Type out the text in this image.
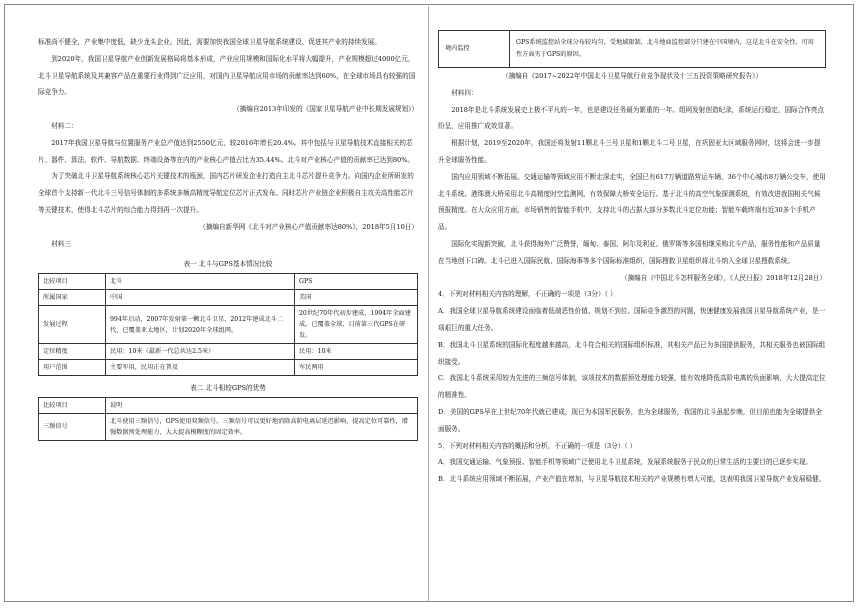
标准尚不健全，产业集中度低，缺少龙头企业。因此，需要加快我国全球卫星导航系统建设，促进其产业的持续发展。

到2020年，我国卫星导航产业创新发展格局将基本形成，产业应用规模和国际化水平将大幅提升，产业规模超过4000亿元，北斗卫星导航系统及其兼容产品在重要行业得到广泛应用，对国内卫星导航应用市场的贡献率达到60%，在全球市场具有较强的国际竞争力。

（摘编自2013年印发的《国家卫星导航产业中长期发展规划》）

材料二：

2017年我国卫星导航与位置服务产业总产值达到2550亿元，较2016年增长20.4%。其中包括与卫星导航技术直接相关的芯片、器件、算法、软件、导航数据、终端设备等在内的产业核心产值占比为35.44%。北斗对产业核心产值的贡献率已达到80%。

为了突破北斗卫星导航系统核心芯片关键技术的瓶颈，国内芯片研发企业打造自主北斗芯片提升竞争力。向国内企业所研发的全球首个支持新一代北斗三号信号体制的多系统多频高精度导航定位芯片正式发布。同时芯片产业链企业积极自主攻关高性能芯片等关键技术，使得北斗芯片的综合能力得到再一次提升。

（摘编自新华网《北斗对产业核心产值贡献率达80%》，2018年5月10日）

材料三

表一 北斗与GPS基本情况比较

比较项目	北斗	GPS
所属国家	中国	美国
发展过程	994年启动，2007年发射第一颗北斗卫星，2012年建成北斗二代，已覆盖亚太地区，计划2020年全球组网。	20世纪70年代初步建成，1994年全面建成。已覆盖全球，目前第三代GPS在研发。
定位精度	民用：10米（最新一代总共达2.5米）	民用：10米
用户范围	主要军用，民用正在普及	军民两用

表二 北斗相较GPS的优势

比较项目	说明
三频信号	北斗使用三频信号，GPS使用双频信号。三频信号可以更好地消除高阶电离层延迟影响，提高定位可靠性，增强数据预处理能力，大大提高模糊度的固定效率。
境内监控	GPS系统监控站全球分布较均匀，受地域限制，北斗地面监控部分只建在中国境内，这是北斗在安全性、可用性方面劣于GPS的原因。

（摘编自《2017~2022年中国北斗卫星导航行业竞争现状及十三五投资策略研究报告》）

材料四：

2018年是北斗系统发展史上极不平凡的一年，也是建设任务最为繁重的一年。组网发射创造纪录，系统运行稳定，国际合作亮点纷呈，应用推广成效显著。

根据计划，2019至2020年，我国还将发射11颗北斗三号卫星和1颗北斗二号卫星，在巩固亚太区域服务网时，这将会进一步提升全球服务性能。

国内应用领域不断拓展。交通运输等领域应用不断走深走实，全国已有617万辆道路营运车辆、36个中心城市8万辆公交车，使用北斗系统。港珠澳大桥采用北斗高精度时空监测网，有效保障大桥安全运行。基于北斗的高空气象探测系统，有效改进我国相关气候预报精度。在大众应用方面，市场销售的智能手机中，支持北斗的占据大部分多数北斗定位功能；智能车载终端有近30多个手机产品。

国际化实现新突破，北斗获得海外广泛赞誉，缅甸、泰国、阿尔及利亚、俄罗斯等多国相继采购北斗产品，服务性能和产品质量在当地创下口碑。北斗已进入国际民航、国际海事等多个国际标准组织，国际搜救卫星组织将北斗纳入全球卫星搜救系统。

（摘编自《中国北斗怎样服务全球》，《人民日报》2018年12月28日）

4．下列对材料相关内容的理解，不正确的一项是（3分）（ ）

A．我国全球卫星导航系统建设面临着低端恶性价值、规划不到位、国际竞争激烈的问题，快速健康发展我国卫星导航系统产业，是一项艰巨的重大任务。

B．我国北斗卫星系统的国际化程度越来越高，北斗符合相关的国际组织标准，其相关产品已为多国提供服务，共相关服务也被国际组织接受。

C．我国北斗系统采用较为先进的三频信号体制，该项技术的数据预处理能力较强，能有效地降低高阶电离的负面影响，大大提高定位的精准性。

D．美国的GPS早在上世纪70年代就已建成，现已为本国军民服务，也为全球服务，我国的北斗虽起步晚，但目前也能为全球提供全面服务。

5．下列对材料相关内容的概括和分析，不正确的一项是（3分）（ ）

A．我国交通运输、气象预报、智能手机等领域广泛使用北斗卫星系统，发展系统服务于民众的日常生活的主要目的已逐步实现。

B．北斗系统应用领域不断拓展，产业产值在增加，与卫星导航技术相关的产业规模有增大可能，这表明我国卫星导航产业发展稳健。
